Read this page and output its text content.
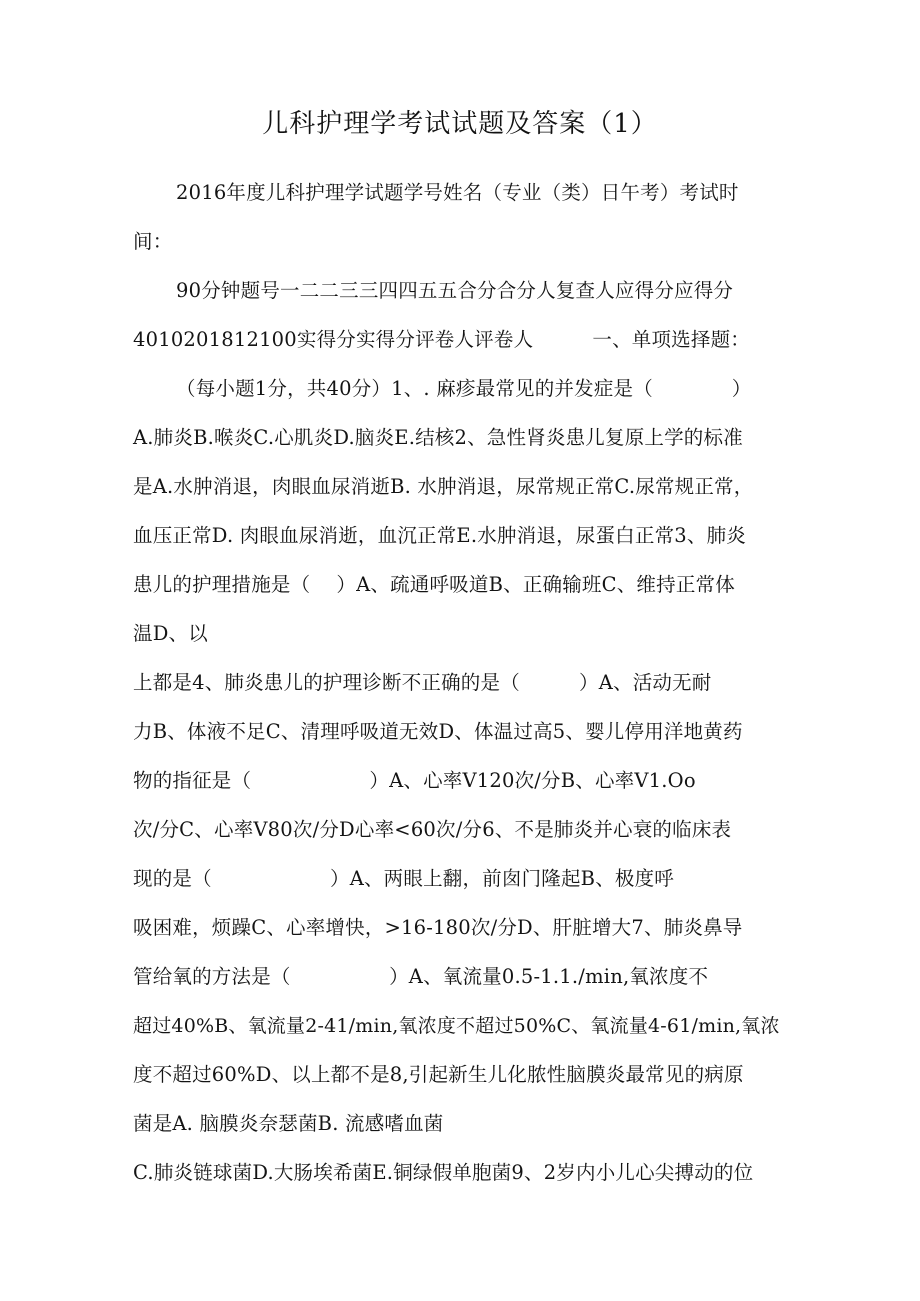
儿科护理学考试试题及答案（1）
2016年度儿科护理学试题学号姓名（专业（类）日午考）考试时
间：
90分钟题号一二二三三四四五五合分合分人复查人应得分应得分
4010201812100实得分实得分评卷人评卷人　　　一、单项选择题：
（每小题1分，共40分）1、. 麻疹最常见的并发症是（　　　　）
A.肺炎B.喉炎C.心肌炎D.脑炎E.结核2、急性肾炎患儿复原上学的标准
是A.水肿消退，肉眼血尿消逝B. 水肿消退，尿常规正常C.尿常规正常，
血压正常D. 肉眼血尿消逝，血沉正常E.水肿消退，尿蛋白正常3、肺炎
患儿的护理措施是（　 ）A、疏通呼吸道B、正确输班C、维持正常体
温D、以
上都是4、肺炎患儿的护理诊断不正确的是（　　　）A、活动无耐
力B、体液不足C、清理呼吸道无效D、体温过高5、婴儿停用洋地黄药
物的指征是（　　　　　　）A、心率V120次/分B、心率V1.Oo
次/分C、心率V80次/分D心率<60次/分6、不是肺炎并心衰的临床表
现的是（　　　　　　）A、两眼上翻，前囱门隆起B、极度呼
吸困难，烦躁C、心率增快，>16-180次/分D、肝脏增大7、肺炎鼻导
管给氧的方法是（　　　　　）A、氧流量0.5-1.1./min,氧浓度不
超过40%B、氧流量2-41∕min,氧浓度不超过50%C、氧流量4-61∕min,氧浓
度不超过60%D、以上都不是8,引起新生儿化脓性脑膜炎最常见的病原
菌是A. 脑膜炎奈瑟菌B. 流感嗜血菌
C.肺炎链球菌D.大肠埃希菌E.铜绿假单胞菌9、2岁内小儿心尖搏动的位
